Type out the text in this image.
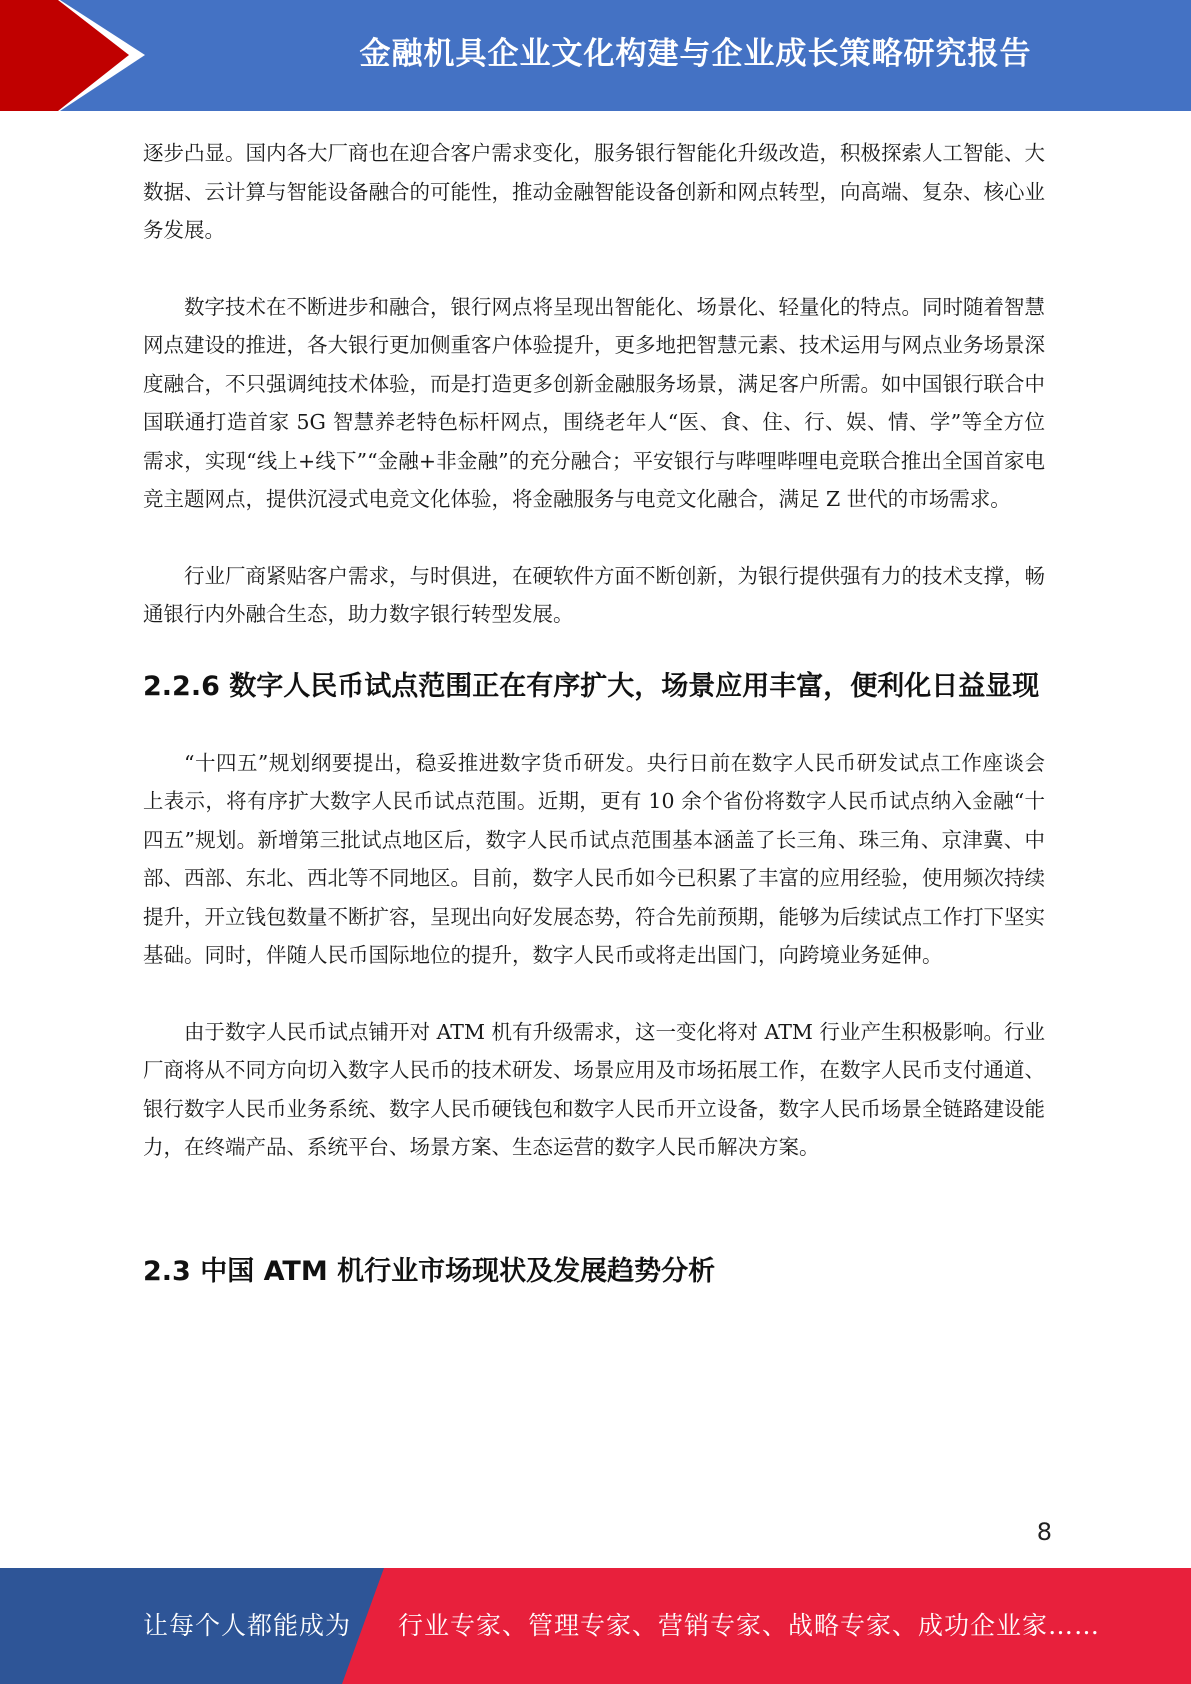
金融机具企业文化构建与企业成长策略研究报告

逐步凸显。国内各大厂商也在迎合客户需求变化，服务银行智能化升级改造，积极探索人工智能、大数据、云计算与智能设备融合的可能性，推动金融智能设备创新和网点转型，向高端、复杂、核心业务发展。

数字技术在不断进步和融合，银行网点将呈现出智能化、场景化、轻量化的特点。同时随着智慧网点建设的推进，各大银行更加侧重客户体验提升，更多地把智慧元素、技术运用与网点业务场景深度融合，不只强调纯技术体验，而是打造更多创新金融服务场景，满足客户所需。如中国银行联合中国联通打造首家 5G 智慧养老特色标杆网点，围绕老年人“医、食、住、行、娱、情、学”等全方位需求，实现“线上+线下”“金融+非金融”的充分融合；平安银行与哔哩哔哩电竞联合推出全国首家电竞主题网点，提供沉浸式电竞文化体验，将金融服务与电竞文化融合，满足 Z 世代的市场需求。

行业厂商紧贴客户需求，与时俱进，在硬软件方面不断创新，为银行提供强有力的技术支撑，畅通银行内外融合生态，助力数字银行转型发展。

2.2.6 数字人民币试点范围正在有序扩大，场景应用丰富，便利化日益显现

“十四五”规划纲要提出，稳妥推进数字货币研发。央行日前在数字人民币研发试点工作座谈会上表示，将有序扩大数字人民币试点范围。近期，更有 10 余个省份将数字人民币试点纳入金融“十四五”规划。新增第三批试点地区后，数字人民币试点范围基本涵盖了长三角、珠三角、京津冀、中部、西部、东北、西北等不同地区。目前，数字人民币如今已积累了丰富的应用经验，使用频次持续提升，开立钱包数量不断扩容，呈现出向好发展态势，符合先前预期，能够为后续试点工作打下坚实基础。同时，伴随人民币国际地位的提升，数字人民币或将走出国门，向跨境业务延伸。

由于数字人民币试点铺开对 ATM 机有升级需求，这一变化将对 ATM 行业产生积极影响。行业厂商将从不同方向切入数字人民币的技术研发、场景应用及市场拓展工作，在数字人民币支付通道、银行数字人民币业务系统、数字人民币硬钱包和数字人民币开立设备，数字人民币场景全链路建设能力，在终端产品、系统平台、场景方案、生态运营的数字人民币解决方案。

2.3 中国 ATM 机行业市场现状及发展趋势分析
8
让每个人都能成为 行业专家、管理专家、营销专家、战略专家、成功企业家……
